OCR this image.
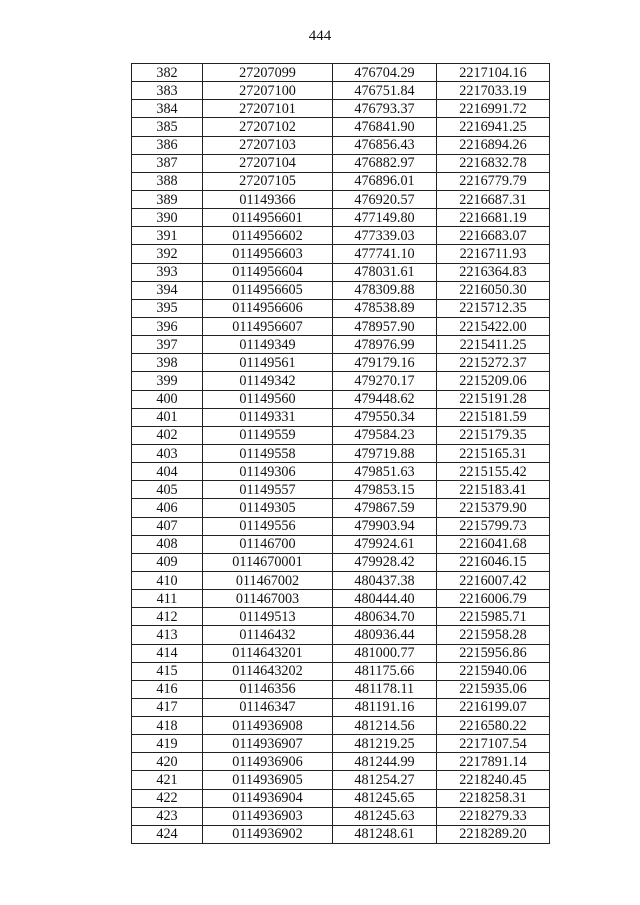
444
382	27207099	476704.29	2217104.16
383	27207100	476751.84	2217033.19
384	27207101	476793.37	2216991.72
385	27207102	476841.90	2216941.25
386	27207103	476856.43	2216894.26
387	27207104	476882.97	2216832.78
388	27207105	476896.01	2216779.79
389	01149366	476920.57	2216687.31
390	0114956601	477149.80	2216681.19
391	0114956602	477339.03	2216683.07
392	0114956603	477741.10	2216711.93
393	0114956604	478031.61	2216364.83
394	0114956605	478309.88	2216050.30
395	0114956606	478538.89	2215712.35
396	0114956607	478957.90	2215422.00
397	01149349	478976.99	2215411.25
398	01149561	479179.16	2215272.37
399	01149342	479270.17	2215209.06
400	01149560	479448.62	2215191.28
401	01149331	479550.34	2215181.59
402	01149559	479584.23	2215179.35
403	01149558	479719.88	2215165.31
404	01149306	479851.63	2215155.42
405	01149557	479853.15	2215183.41
406	01149305	479867.59	2215379.90
407	01149556	479903.94	2215799.73
408	01146700	479924.61	2216041.68
409	0114670001	479928.42	2216046.15
410	011467002	480437.38	2216007.42
411	011467003	480444.40	2216006.79
412	01149513	480634.70	2215985.71
413	01146432	480936.44	2215958.28
414	0114643201	481000.77	2215956.86
415	0114643202	481175.66	2215940.06
416	01146356	481178.11	2215935.06
417	01146347	481191.16	2216199.07
418	0114936908	481214.56	2216580.22
419	0114936907	481219.25	2217107.54
420	0114936906	481244.99	2217891.14
421	0114936905	481254.27	2218240.45
422	0114936904	481245.65	2218258.31
423	0114936903	481245.63	2218279.33
424	0114936902	481248.61	2218289.20
